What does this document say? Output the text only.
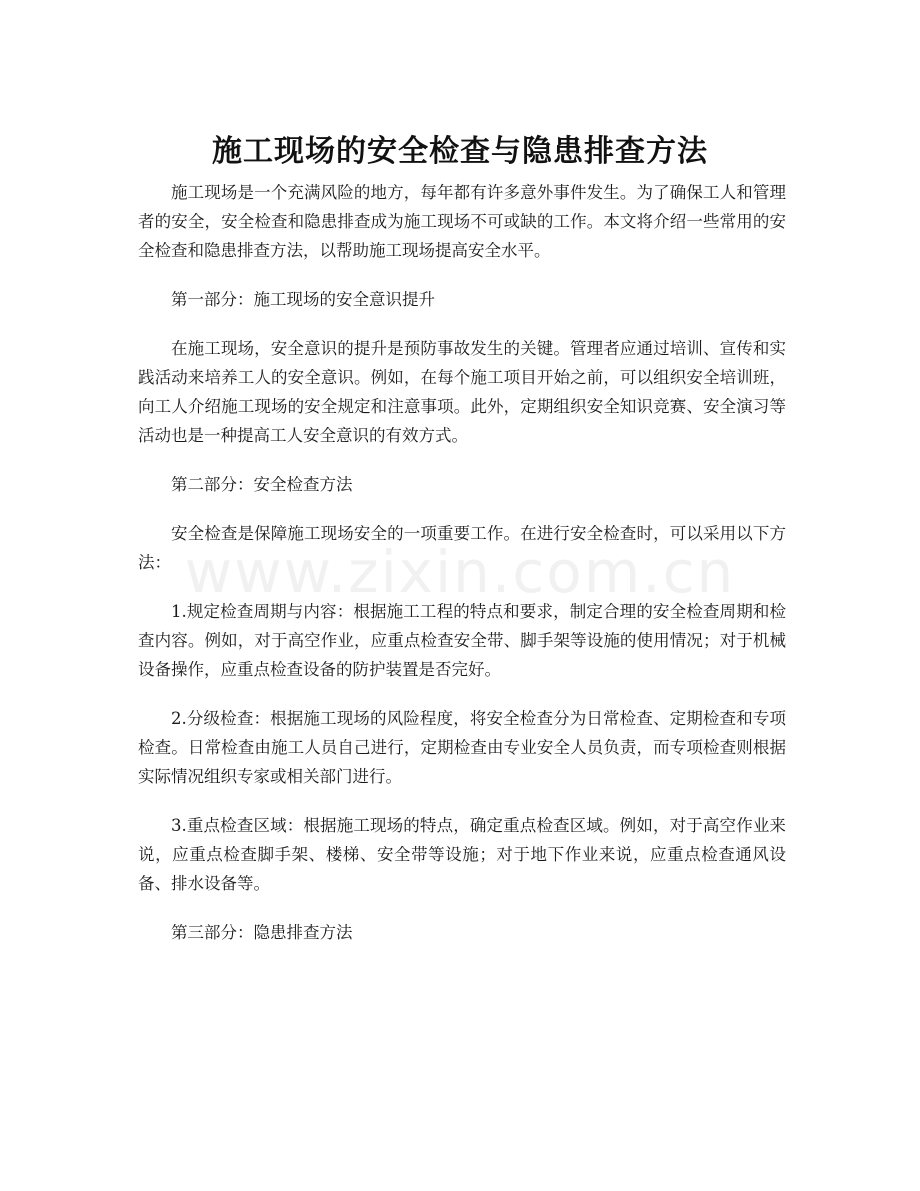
www.zixin.com.cn
施工现场的安全检查与隐患排查方法

施工现场是一个充满风险的地方，每年都有许多意外事件发生。为了确保工人和管理者的安全，安全检查和隐患排查成为施工现场不可或缺的工作。本文将介绍一些常用的安全检查和隐患排查方法，以帮助施工现场提高安全水平。

第一部分：施工现场的安全意识提升

在施工现场，安全意识的提升是预防事故发生的关键。管理者应通过培训、宣传和实践活动来培养工人的安全意识。例如，在每个施工项目开始之前，可以组织安全培训班，向工人介绍施工现场的安全规定和注意事项。此外，定期组织安全知识竞赛、安全演习等活动也是一种提高工人安全意识的有效方式。

第二部分：安全检查方法

安全检查是保障施工现场安全的一项重要工作。在进行安全检查时，可以采用以下方法：

1.规定检查周期与内容：根据施工工程的特点和要求，制定合理的安全检查周期和检查内容。例如，对于高空作业，应重点检查安全带、脚手架等设施的使用情况；对于机械设备操作，应重点检查设备的防护装置是否完好。

2.分级检查：根据施工现场的风险程度，将安全检查分为日常检查、定期检查和专项检查。日常检查由施工人员自己进行，定期检查由专业安全人员负责，而专项检查则根据实际情况组织专家或相关部门进行。

3.重点检查区域：根据施工现场的特点，确定重点检查区域。例如，对于高空作业来说，应重点检查脚手架、楼梯、安全带等设施；对于地下作业来说，应重点检查通风设备、排水设备等。

第三部分：隐患排查方法
